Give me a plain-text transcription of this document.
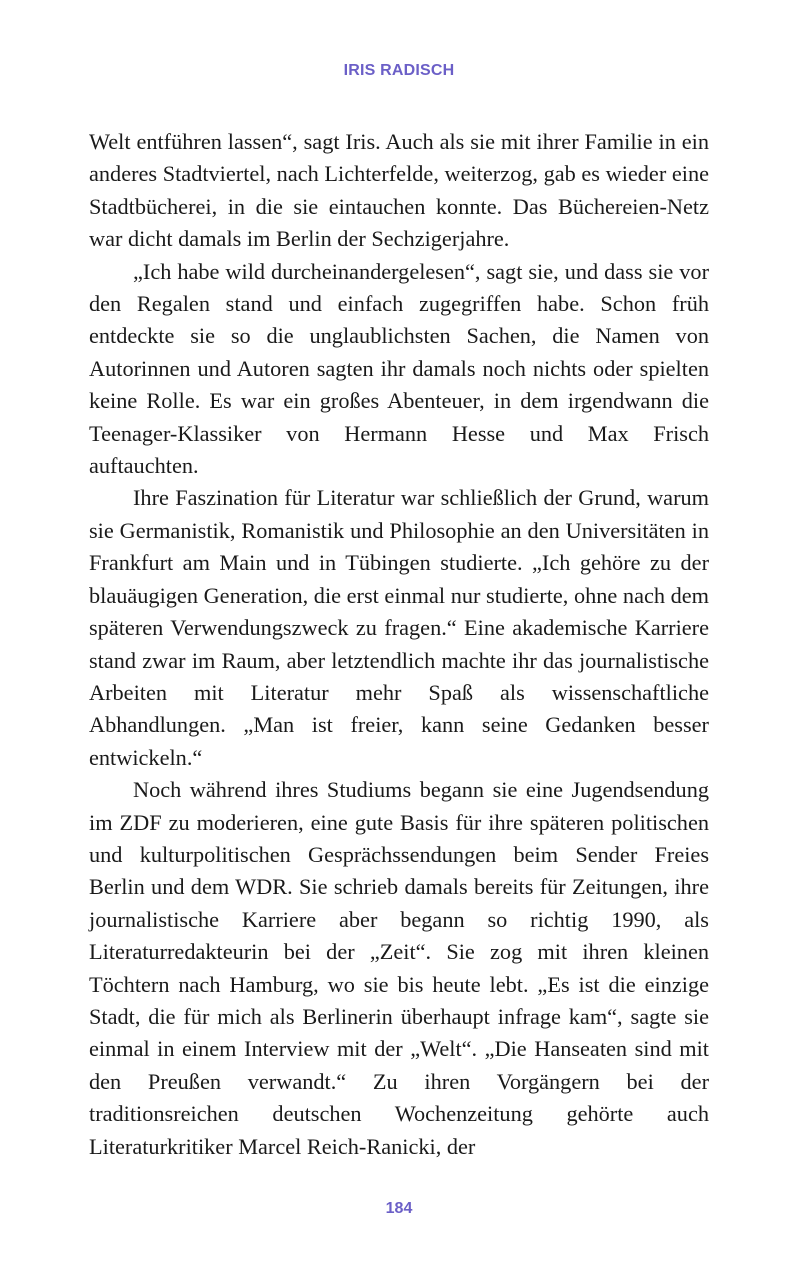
IRIS RADISCH

Welt entführen lassen“, sagt Iris. Auch als sie mit ihrer Familie in ein anderes Stadtviertel, nach Lichterfelde, weiterzog, gab es wieder eine Stadtbücherei, in die sie eintauchen konnte. Das Büchereien-Netz war dicht damals im Berlin der Sechzigerjahre.

„Ich habe wild durcheinandergelesen“, sagt sie, und dass sie vor den Regalen stand und einfach zugegriffen habe. Schon früh entdeckte sie so die unglaublichsten Sachen, die Namen von Autorinnen und Autoren sagten ihr damals noch nichts oder spielten keine Rolle. Es war ein großes Abenteuer, in dem irgendwann die Teenager-Klassiker von Hermann Hesse und Max Frisch auftauchten.

Ihre Faszination für Literatur war schließlich der Grund, warum sie Germanistik, Romanistik und Philosophie an den Universitäten in Frankfurt am Main und in Tübingen studierte. „Ich gehöre zu der blauäugigen Generation, die erst einmal nur studierte, ohne nach dem späteren Verwendungszweck zu fragen.“ Eine akademische Karriere stand zwar im Raum, aber letztendlich machte ihr das journalistische Arbeiten mit Literatur mehr Spaß als wissenschaftliche Abhandlungen. „Man ist freier, kann seine Gedanken besser entwickeln.“

Noch während ihres Studiums begann sie eine Jugendsendung im ZDF zu moderieren, eine gute Basis für ihre späteren politischen und kulturpolitischen Gesprächssendungen beim Sender Freies Berlin und dem WDR. Sie schrieb damals bereits für Zeitungen, ihre journalistische Karriere aber begann so richtig 1990, als Literaturredakteurin bei der „Zeit“. Sie zog mit ihren kleinen Töchtern nach Hamburg, wo sie bis heute lebt. „Es ist die einzige Stadt, die für mich als Berlinerin überhaupt infrage kam“, sagte sie einmal in einem Interview mit der „Welt“. „Die Hanseaten sind mit den Preußen verwandt.“ Zu ihren Vorgängern bei der traditionsreichen deutschen Wochenzeitung gehörte auch Literaturkritiker Marcel Reich-Ranicki, der

184
